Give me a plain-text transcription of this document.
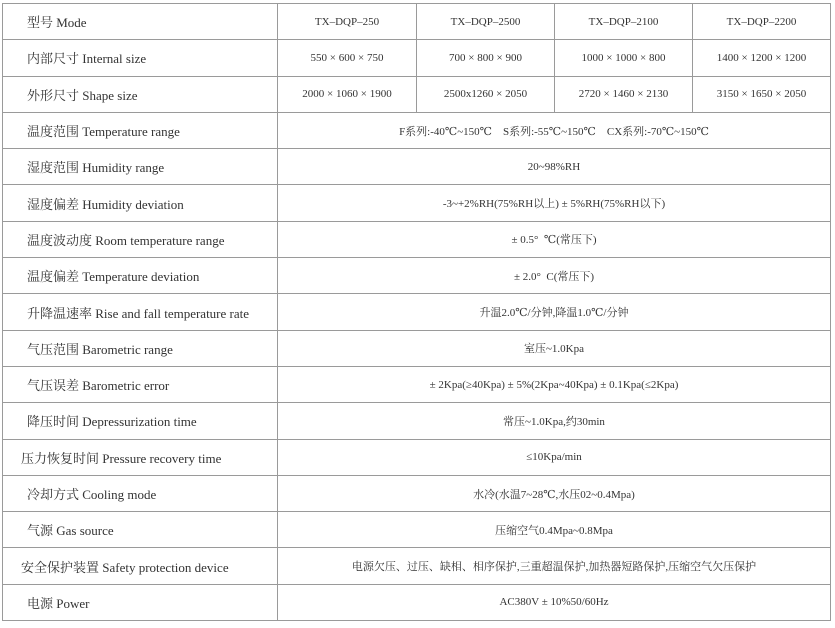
型号 Mode	TX–DQP–250	TX–DQP–2500	TX–DQP–2100	TX–DQP–2200
内部尺寸 Internal size	550 × 600 × 750	700 × 800 × 900	1000 × 1000 × 800	1400 × 1200 × 1200
外形尺寸 Shape size	2000 × 1060 × 1900	2500x1260 × 2050	2720 × 1460 × 2130	3150 × 1650 × 2050
温度范围 Temperature range	F系列:-40℃~150℃    S系列:-55℃~150℃    CX系列:-70℃~150℃			
湿度范围 Humidity range	20~98%RH			
湿度偏差 Humidity deviation	-3~+2%RH(75%RH以上) ± 5%RH(75%RH以下)			
温度波动度 Room temperature range	± 0.5°  ℃(常压下)			
温度偏差 Temperature deviation	± 2.0°  C(常压下)			
升降温速率 Rise and fall temperature rate	升温2.0℃/分钟,降温1.0℃/分钟			
气压范围 Barometric range	室压~1.0Kpa			
气压误差 Barometric error	± 2Kpa(≥40Kpa) ± 5%(2Kpa~40Kpa) ± 0.1Kpa(≤2Kpa)			
降压时间 Depressurization time	常压~1.0Kpa,约30min			
压力恢复时间 Pressure recovery time	≤10Kpa/min			
冷却方式 Cooling mode	水冷(水温7~28℃,水压02~0.4Mpa)			
气源 Gas source	压缩空气0.4Mpa~0.8Mpa			
安全保护装置 Safety protection device	电源欠压、过压、缺相、相序保护,三重超温保护,加热器短路保护,压缩空气欠压保护			
电源 Power	AC380V ± 10%50/60Hz			
